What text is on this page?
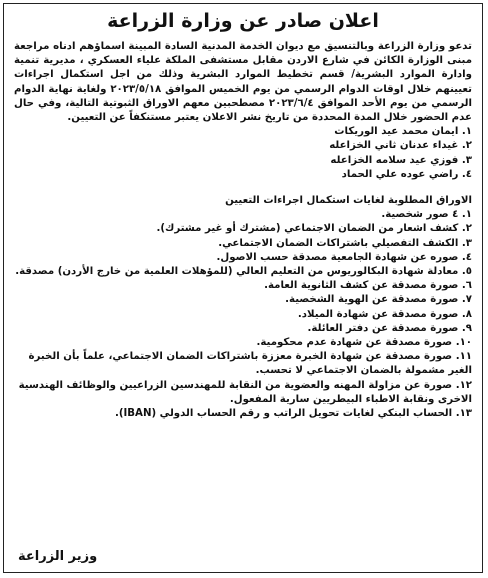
اعلان صادر عن وزارة الزراعة

تدعو وزارة الزراعة وبالتنسيق مع ديوان الخدمة المدنية السادة المبينة اسماؤهم ادناه مراجعة مبنى الوزارة الكائن في شارع الاردن مقابل مستشفى الملكة علياء العسكري ، مديرية تنمية وادارة الموارد البشرية/ قسم تخطيط الموارد البشرية وذلك من اجل استكمال اجراءات تعيينهم خلال اوقات الدوام الرسمي من يوم الخميس الموافق ٢٠٢٣/٥/١٨ ولغاية نهاية الدوام الرسمي من يوم الأحد الموافق ٢٠٢٣/٦/٤ مصطحبين معهم الاوراق الثبوتية التالية، وفي حال عدم الحضور خلال المدة المحددة من تاريخ نشر الاعلان يعتبر مستنكفاً عن التعيين.

١. ايمان محمد عيد الوريكات
٢. غيداء عدنان ثاني الخزاعله
٣. فوزي عيد سلامه الخزاعله
٤. راضي عوده علي الحماد
الاوراق المطلوبة لغايات استكمال اجراءات التعيين
١. ٤ صور شخصية.
٢. كشف اشعار من الضمان الاجتماعي (مشترك أو غير مشترك).
٣. الكشف التفصيلي باشتراكات الضمان الاجتماعي.
٤. صوره عن شهادة الجامعية مصدقة حسب الاصول.
٥. معادلة شهادة البكالوريوس من التعليم العالي (للمؤهلات العلمية من خارج الأردن) مصدقة.
٦. صورة مصدقة عن كشف الثانوية العامة.
٧. صورة مصدقة عن الهوية الشخصية.
٨. صورة مصدقة عن شهادة الميلاد.
٩. صورة مصدقة عن دفتر العائلة.
١٠. صورة مصدقة عن شهادة عدم محكومية.
١١. صورة مصدقة عن شهادة الخبرة معززة باشتراكات الضمان الاجتماعي، علماً بأن الخبرة الغير مشمولة بالضمان الاجتماعي لا تحسب.
١٢. صورة عن مزاولة المهنه والعضوية من النقابة للمهندسين الزراعيين والوظائف الهندسية الاخرى ونقابة الاطباء البيطريين سارية المفعول.
١٣. الحساب البنكي لغايات تحويل الراتب و رقم الحساب الدولي (IBAN).
وزير الزراعة
